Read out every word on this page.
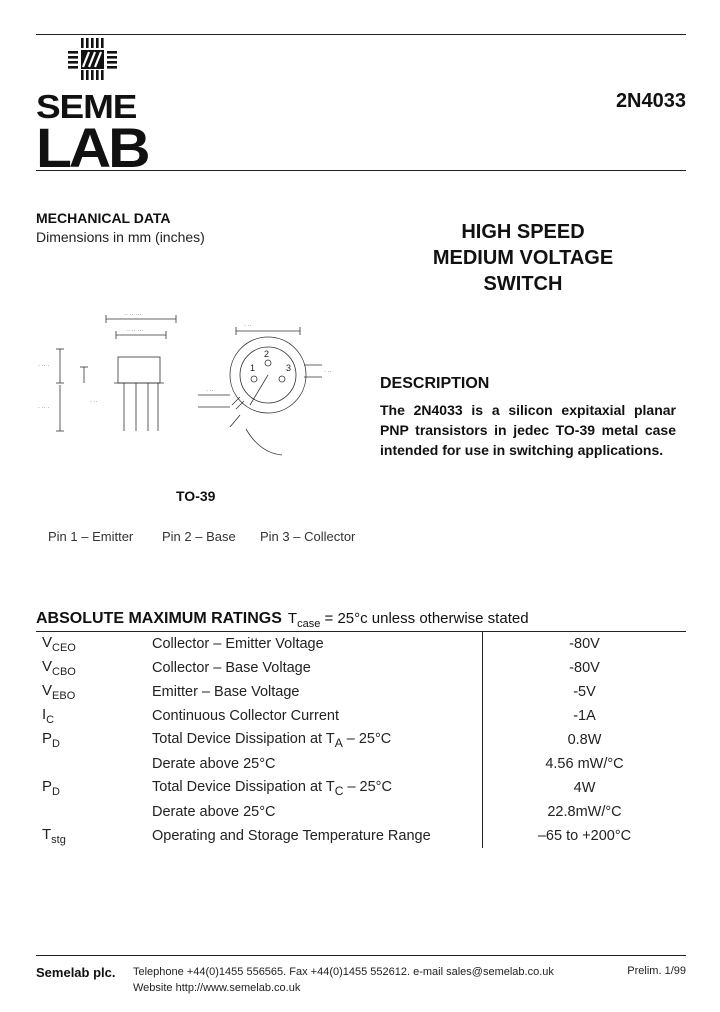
SEME
LAB
2N4033
MECHANICAL DATA
Dimensions in mm (inches)	HIGH SPEED
MEDIUM VOLTAGE
SWITCH
·· ·· ···
·· ·· ···
· ·· ·
· ·· ·
· ··
· ··
· ··
· ··
1
2
3
TO-39
Pin 1 – Emitter Pin 2 – Base Pin 3 – Collector
DESCRIPTION
The 2N4033 is a silicon expitaxial planar PNP transistors in jedec TO-39 metal case intended for use in switching applications.
ABSOLUTE MAXIMUM RATINGS $T_{case} = 25^\circ c$ unless otherwise stated
$V_{CEO}$	Collector – Emitter Voltage	-80V
$V_{CBO}$	Collector – Base Voltage	-80V
$V_{EBO}$	Emitter – Base Voltage	-5V
$I_C$	Continuous Collector Current	-1A
$P_D$	Total Device Dissipation at $T_A - 25^\circ C$	0.8W
	Derate above 25°C	4.56 mW/°C
$P_D$	Total Device Dissipation at $T_C - 25^\circ C$	4W
	Derate above 25°C	22.8mW/°C
$T_{stg}$	Operating and Storage Temperature Range	–65 to +200°C
Semelab plc. Telephone +44(0)1455 556565. Fax +44(0)1455 552612. e-mail sales@semelab.co.uk
Website http://www.semelab.co.uk
Prelim. 1/99
